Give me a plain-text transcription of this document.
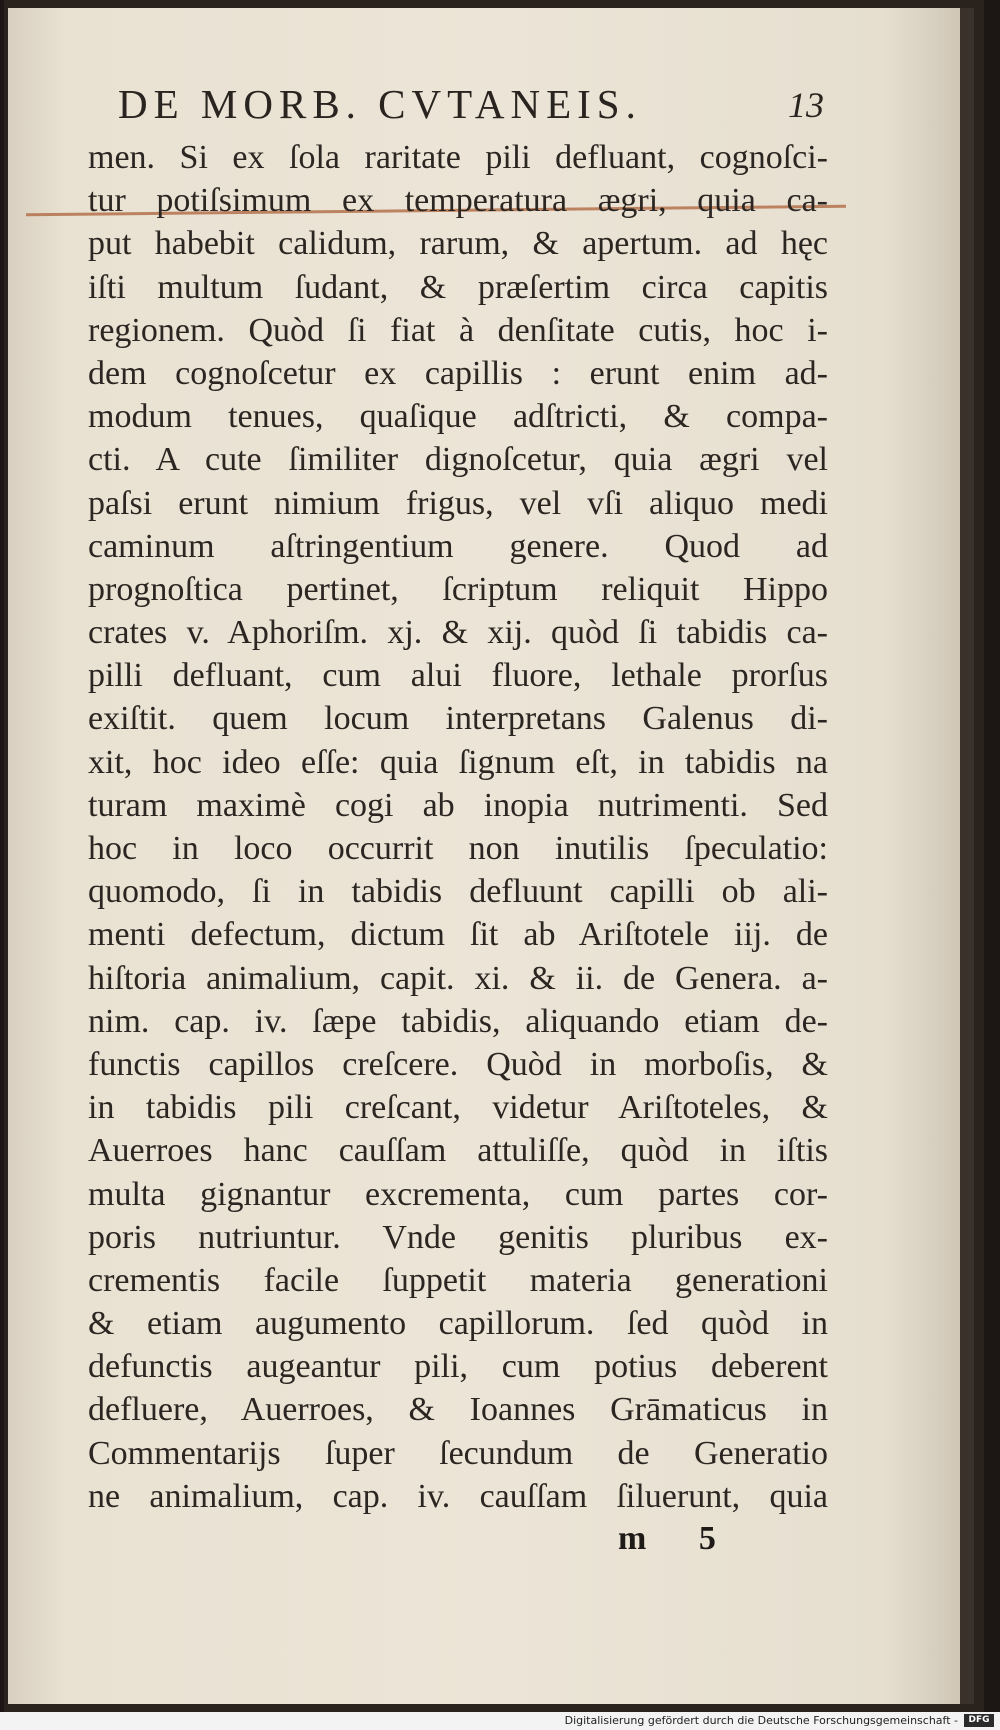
DE MORB. CVTANEIS.	13
men. Si ex ſola raritate pili defluant, cognoſci-
tur potiſsimum ex temperatura ægri, quia ca-
put habebit calidum, rarum, & apertum. ad hęc
iſti multum ſudant, & præſertim circa capitis
regionem. Quòd ſi fiat à denſitate cutis, hoc i-
dem cognoſcetur ex capillis : erunt enim ad-
modum tenues, quaſique adſtricti, & compa-
cti. A cute ſimiliter dignoſcetur, quia ægri vel
paſsi erunt nimium frigus, vel vſi aliquo medi
caminum aſtringentium genere. Quod ad
prognoſtica pertinet, ſcriptum reliquit Hippo
crates v. Aphoriſm. xj. & xij. quòd ſi tabidis ca-
pilli defluant, cum alui fluore, lethale prorſus
exiſtit. quem locum interpretans Galenus di-
xit, hoc ideo eſſe: quia ſignum eſt, in tabidis na
turam maximè cogi ab inopia nutrimenti. Sed
hoc in loco occurrit non inutilis ſpeculatio:
quomodo, ſi in tabidis defluunt capilli ob ali-
menti defectum, dictum ſit ab Ariſtotele iij. de
hiſtoria animalium, capit. xi. & ii. de Genera. a-
nim. cap. iv. ſæpe tabidis, aliquando etiam de-
functis capillos creſcere. Quòd in morboſis, &
in tabidis pili creſcant, videtur Ariſtoteles, &
Auerroes hanc cauſſam attuliſſe, quòd in iſtis
multa gignantur excrementa, cum partes cor-
poris nutriuntur. Vnde genitis pluribus ex-
crementis facile ſuppetit materia generationi
& etiam augumento capillorum. ſed quòd in
defunctis augeantur pili, cum potius deberent
defluere, Auerroes, & Ioannes Grāmaticus in
Commentarijs ſuper ſecundum de Generatio
ne animalium, cap. iv. cauſſam ſiluerunt, quia
m 5
Digitalisierung gefördert durch die Deutsche Forschungsgemeinschaft -	DFG
